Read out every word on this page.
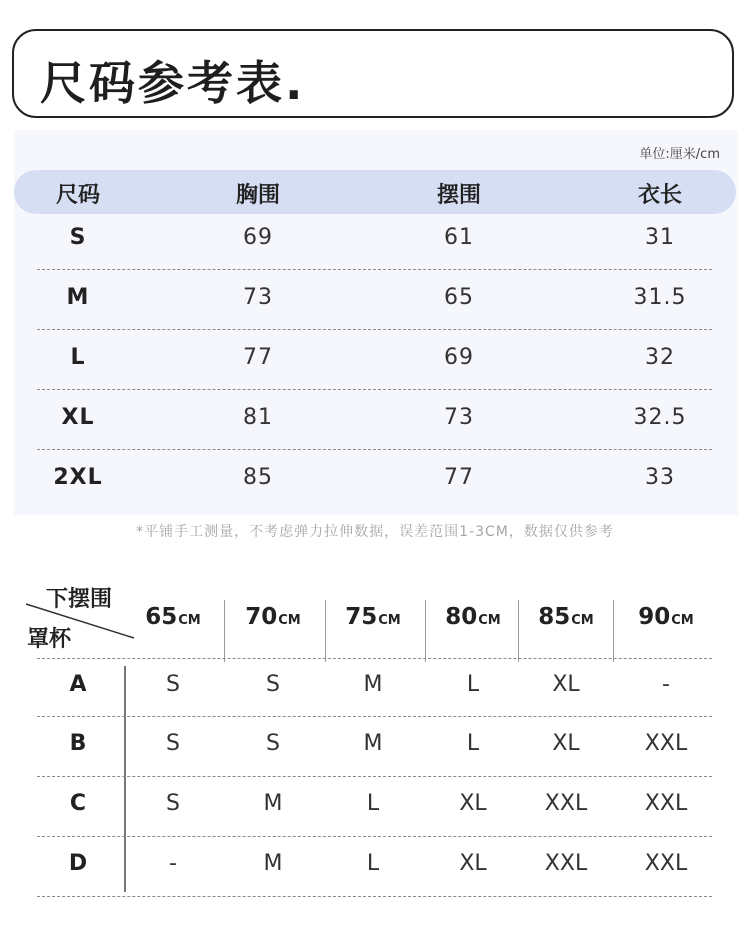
尺码参考表.
单位:厘米/cm
尺码	胸围	摆围	衣长
S	69	61	31
M	73	65	31.5
L	77	69	32
XL	81	73	32.5
2XL	85	77	33
*平铺手工测量，不考虑弹力拉伸数据，误差范围1-3CM，数据仅供参考
下摆围
罩杯
65CM 70CM 75CM 80CM 85CM 90CM
A	S	S	M	L	XL	-
B	S	S	M	L	XL	XXL
C	S	M	L	XL	XXL	XXL
D	-	M	L	XL	XXL	XXL
